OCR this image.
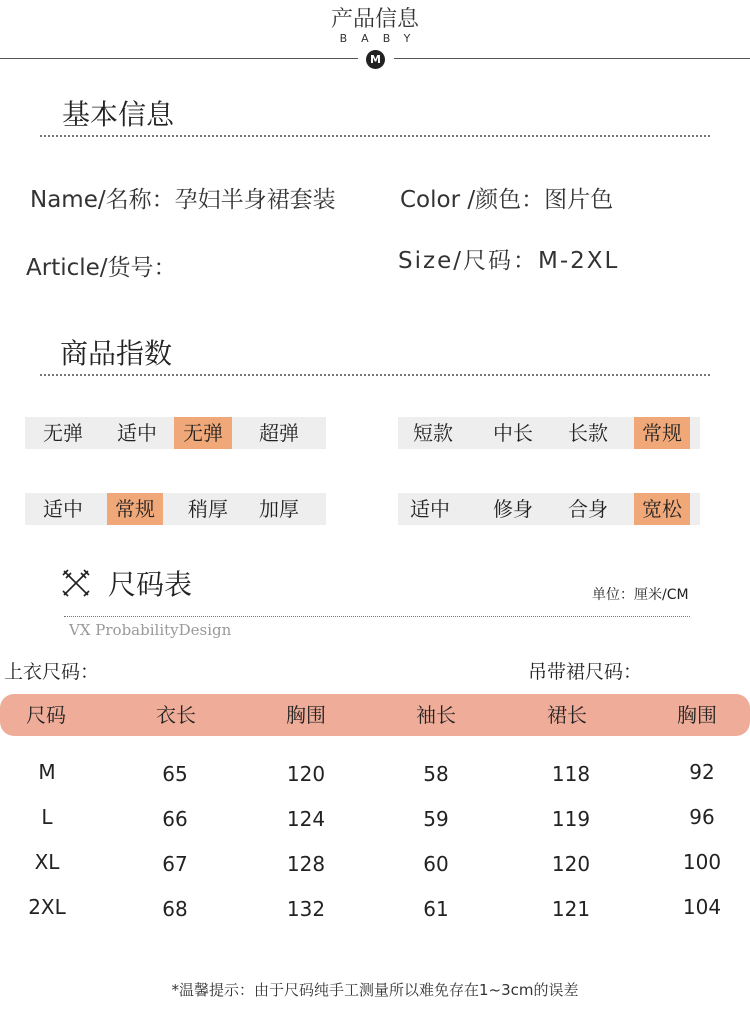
产品信息
BABY
M
基本信息
Name/名称：孕妇半身裙套装	Color /颜色：图片色
Article/货号：	Size/尺码：M-2XL
商品指数
无弹	适中	无弹	超弹	短款	中长	长款	常规
适中	常规	稍厚	加厚	适中	修身	合身	宽松
尺码表	单位：厘米/CM
VX ProbabilityDesign
上衣尺码：	吊带裙尺码：
尺码	衣长	胸围	袖长	裙长	胸围
M	65	120	58	118	92
L	66	124	59	119	96
XL	67	128	60	120	100
2XL	68	132	61	121	104
*温馨提示：由于尺码纯手工测量所以难免存在1~3cm的误差
